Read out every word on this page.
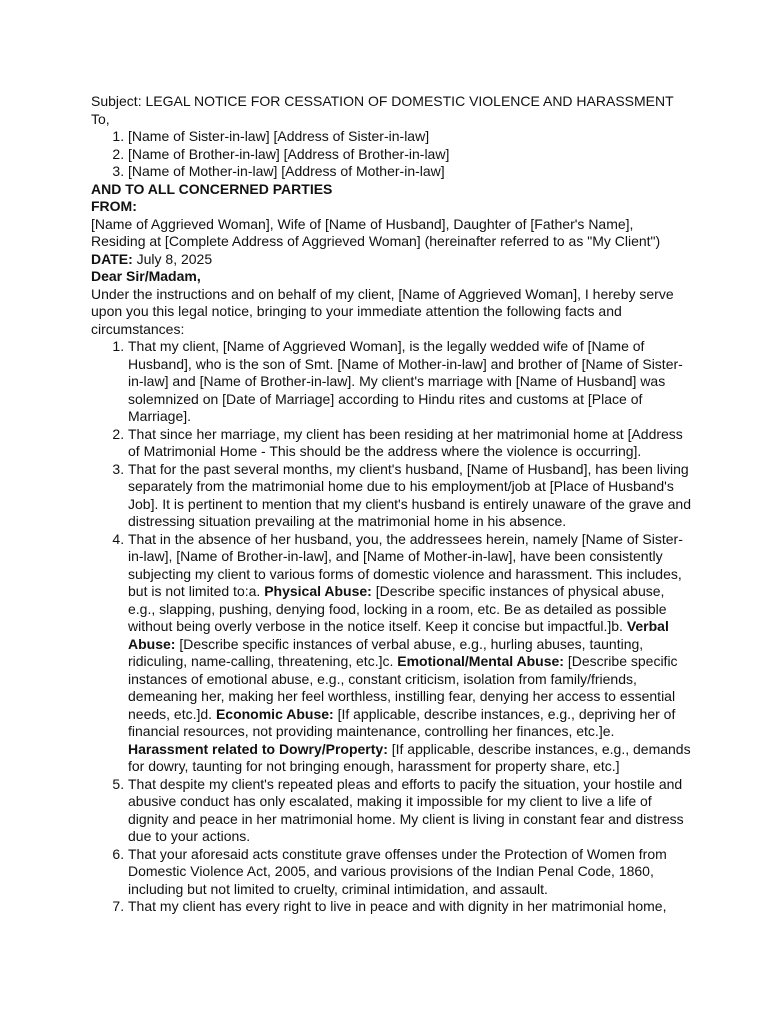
Subject: LEGAL NOTICE FOR CESSATION OF DOMESTIC VIOLENCE AND HARASSMENT

To,

1. [Name of Sister-in-law] [Address of Sister-in-law]
2. [Name of Brother-in-law] [Address of Brother-in-law]
3. [Name of Mother-in-law] [Address of Mother-in-law]

AND TO ALL CONCERNED PARTIES

FROM:

[Name of Aggrieved Woman], Wife of [Name of Husband], Daughter of [Father's Name], Residing at [Complete Address of Aggrieved Woman] (hereinafter referred to as "My Client")

DATE: July 8, 2025

Dear Sir/Madam,

Under the instructions and on behalf of my client, [Name of Aggrieved Woman], I hereby serve upon you this legal notice, bringing to your immediate attention the following facts and circumstances:

1. That my client, [Name of Aggrieved Woman], is the legally wedded wife of [Name of Husband], who is the son of Smt. [Name of Mother-in-law] and brother of [Name of Sister-in-law] and [Name of Brother-in-law]. My client's marriage with [Name of Husband] was solemnized on [Date of Marriage] according to Hindu rites and customs at [Place of Marriage].
2. That since her marriage, my client has been residing at her matrimonial home at [Address of Matrimonial Home - This should be the address where the violence is occurring].
3. That for the past several months, my client's husband, [Name of Husband], has been living separately from the matrimonial home due to his employment/job at [Place of Husband's Job]. It is pertinent to mention that my client's husband is entirely unaware of the grave and distressing situation prevailing at the matrimonial home in his absence.
4. That in the absence of her husband, you, the addressees herein, namely [Name of Sister-in-law], [Name of Brother-in-law], and [Name of Mother-in-law], have been consistently subjecting my client to various forms of domestic violence and harassment. This includes, but is not limited to:a. Physical Abuse: [Describe specific instances of physical abuse, e.g., slapping, pushing, denying food, locking in a room, etc. Be as detailed as possible without being overly verbose in the notice itself. Keep it concise but impactful.]b. Verbal Abuse: [Describe specific instances of verbal abuse, e.g., hurling abuses, taunting, ridiculing, name-calling, threatening, etc.]c. Emotional/Mental Abuse: [Describe specific instances of emotional abuse, e.g., constant criticism, isolation from family/friends, demeaning her, making her feel worthless, instilling fear, denying her access to essential needs, etc.]d. Economic Abuse: [If applicable, describe instances, e.g., depriving her of financial resources, not providing maintenance, controlling her finances, etc.]e. Harassment related to Dowry/Property: [If applicable, describe instances, e.g., demands for dowry, taunting for not bringing enough, harassment for property share, etc.]
5. That despite my client's repeated pleas and efforts to pacify the situation, your hostile and abusive conduct has only escalated, making it impossible for my client to live a life of dignity and peace in her matrimonial home. My client is living in constant fear and distress due to your actions.
6. That your aforesaid acts constitute grave offenses under the Protection of Women from Domestic Violence Act, 2005, and various provisions of the Indian Penal Code, 1860, including but not limited to cruelty, criminal intimidation, and assault.
7. That my client has every right to live in peace and with dignity in her matrimonial home,
